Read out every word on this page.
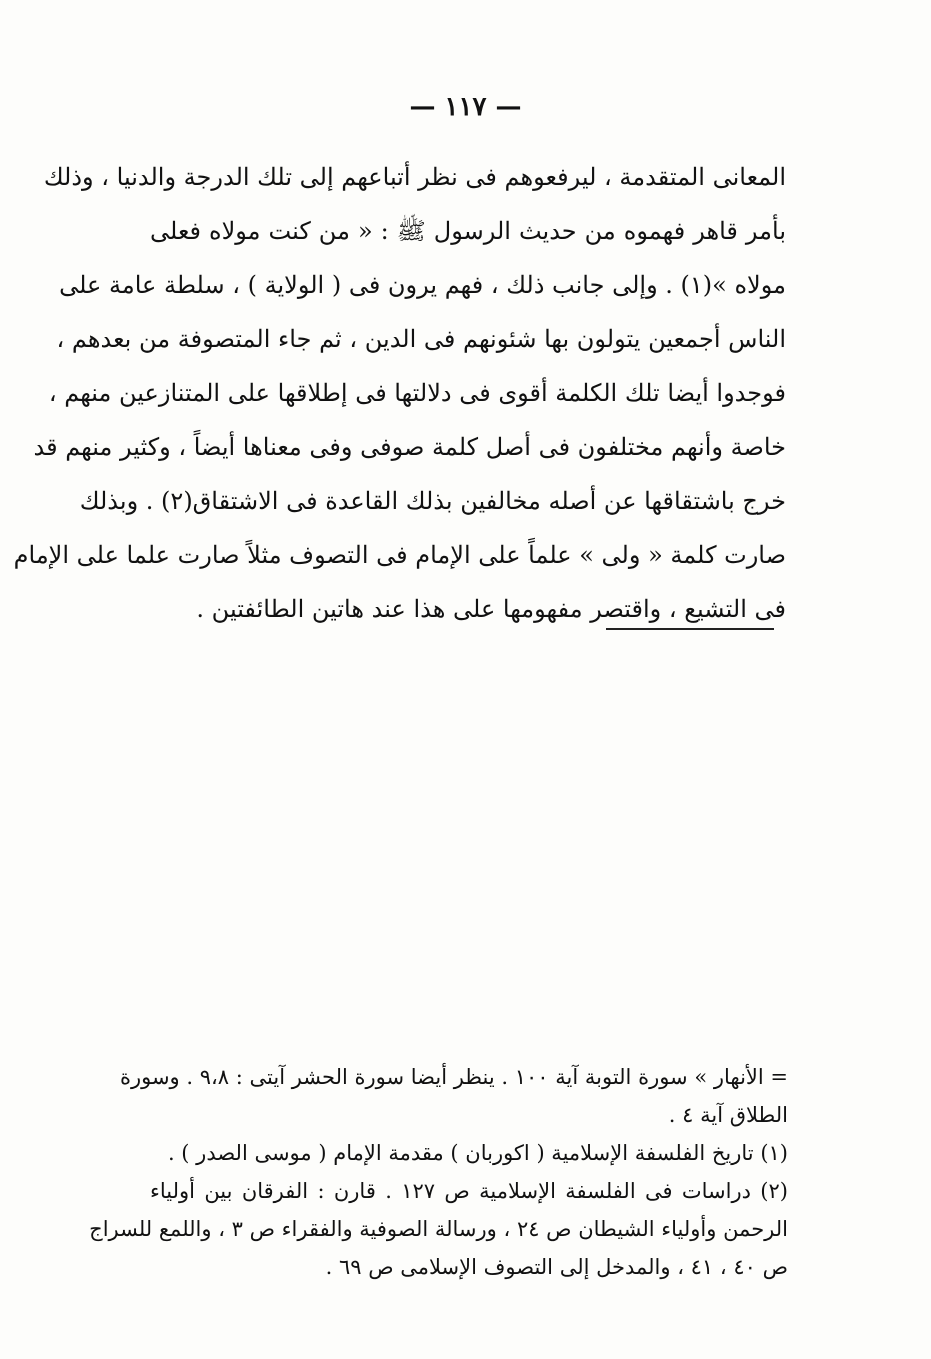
— ١١٧ —
المعانى المتقدمة ، ليرفعوهم فى نظر أتباعهم إلى تلك الدرجة والدنيا ، وذلك
بأمر قاهر فهموه من حديث الرسول ﷺ : « من كنت مولاه فعلى
مولاه »(١) . وإلى جانب ذلك ، فهم يرون فى ( الولاية ) ، سلطة عامة على
الناس أجمعين يتولون بها شئونهم فى الدين ، ثم جاء المتصوفة من بعدهم ،
فوجدوا أيضا تلك الكلمة أقوى فى دلالتها فى إطلاقها على المتنازعين منهم ،
خاصة وأنهم مختلفون فى أصل كلمة صوفى وفى معناها أيضاً ، وكثير منهم قد
خرج باشتقاقها عن أصله مخالفين بذلك القاعدة فى الاشتقاق(٢) . وبذلك
صارت كلمة « ولى » علماً على الإمام فى التصوف مثلاً صارت علما على الإمام
فى التشيع ، واقتصر مفهومها على هذا عند هاتين الطائفتين .
= الأنهار » سورة التوبة آية ١٠٠ . ينظر أيضا سورة الحشر آيتى : ٩،٨ . وسورة
الطلاق آية ٤ .
(١) تاريخ الفلسفة الإسلامية ( اكوربان ) مقدمة الإمام ( موسى الصدر ) .
(٢) دراسات فى الفلسفة الإسلامية ص ١٢٧ . قارن : الفرقان بين أولياء
الرحمن وأولياء الشيطان ص ٢٤ ، ورسالة الصوفية والفقراء ص ٣ ، واللمع للسراج
ص ٤٠ ، ٤١ ، والمدخل إلى التصوف الإسلامى ص ٦٩ .
